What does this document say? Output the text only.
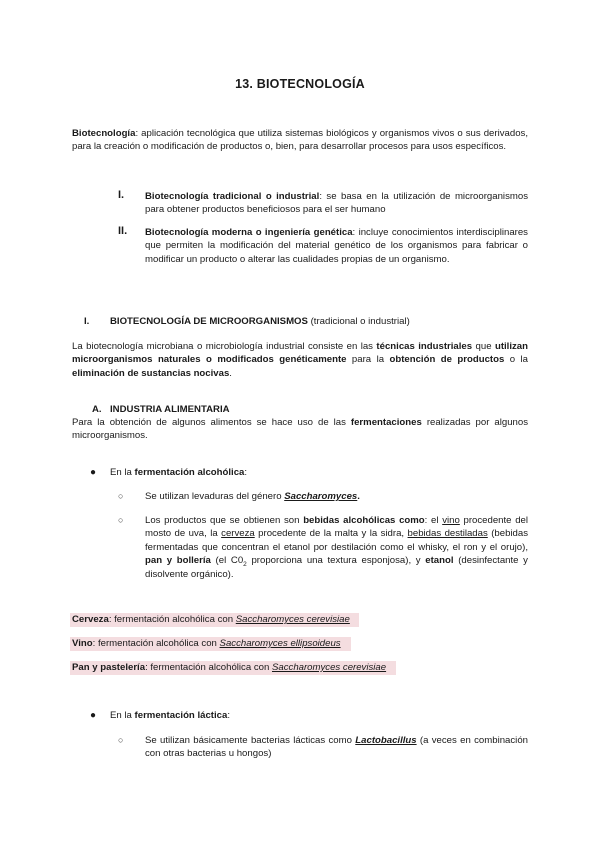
13. BIOTECNOLOGÍA
Biotecnología: aplicación tecnológica que utiliza sistemas biológicos y organismos vivos o sus derivados, para la creación o modificación de productos o, bien, para desarrollar procesos para usos específicos.
I. Biotecnología tradicional o industrial: se basa en la utilización de microorganismos para obtener productos beneficiosos para el ser humano
II. Biotecnología moderna o ingeniería genética: incluye conocimientos interdisciplinares que permiten la modificación del material genético de los organismos para fabricar o modificar un producto o alterar las cualidades propias de un organismo.
I. BIOTECNOLOGÍA DE MICROORGANISMOS (tradicional o industrial)
La biotecnología microbiana o microbiología industrial consiste en las técnicas industriales que utilizan microorganismos naturales o modificados genéticamente para la obtención de productos o la eliminación de sustancias nocivas.
A. INDUSTRIA ALIMENTARIA
Para la obtención de algunos alimentos se hace uso de las fermentaciones realizadas por algunos microorganismos.
● En la fermentación alcohólica:
○ Se utilizan levaduras del género Saccharomyces.
○ Los productos que se obtienen son bebidas alcohólicas como: el vino procedente del mosto de uva, la cerveza procedente de la malta y la sidra, bebidas destiladas (bebidas fermentadas que concentran el etanol por destilación como el whisky, el ron y el orujo), pan y bollería (el $C0_2$ proporciona una textura esponjosa), y etanol (desinfectante y disolvente orgánico).
Cerveza: fermentación alcohólica con Saccharomyces cerevisiae
Vino: fermentación alcohólica con Saccharomyces ellipsoideus
Pan y pastelería: fermentación alcohólica con Saccharomyces cerevisiae
● En la fermentación láctica:
○ Se utilizan básicamente bacterias lácticas como Lactobacillus (a veces en combinación con otras bacterias u hongos)
